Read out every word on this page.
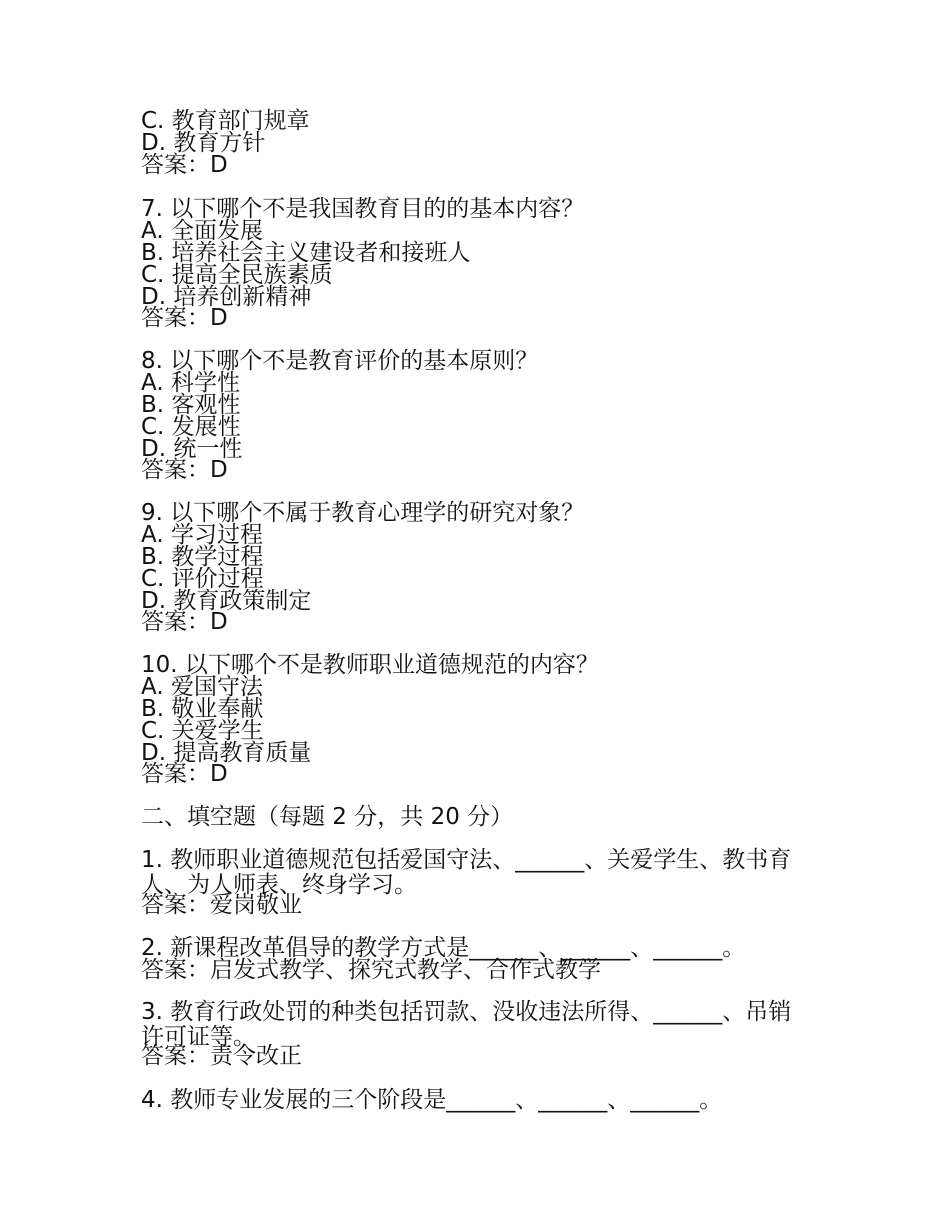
C. 教育部门规章
D. 教育方针
答案：D
7. 以下哪个不是我国教育目的的基本内容？
A. 全面发展
B. 培养社会主义建设者和接班人
C. 提高全民族素质
D. 培养创新精神
答案：D
8. 以下哪个不是教育评价的基本原则？
A. 科学性
B. 客观性
C. 发展性
D. 统一性
答案：D
9. 以下哪个不属于教育心理学的研究对象？
A. 学习过程
B. 教学过程
C. 评价过程
D. 教育政策制定
答案：D
10. 以下哪个不是教师职业道德规范的内容？
A. 爱国守法
B. 敬业奉献
C. 关爱学生
D. 提高教育质量
答案：D
二、填空题（每题 2 分，共 20 分）
1. 教师职业道德规范包括爱国守法、______、关爱学生、教书育人、为人师表、终身学习。
答案：爱岗敬业
2. 新课程改革倡导的教学方式是______、______、______。
答案：启发式教学、探究式教学、合作式教学
3. 教育行政处罚的种类包括罚款、没收违法所得、______、吊销许可证等。
答案：责令改正
4. 教师专业发展的三个阶段是______、______、______。
